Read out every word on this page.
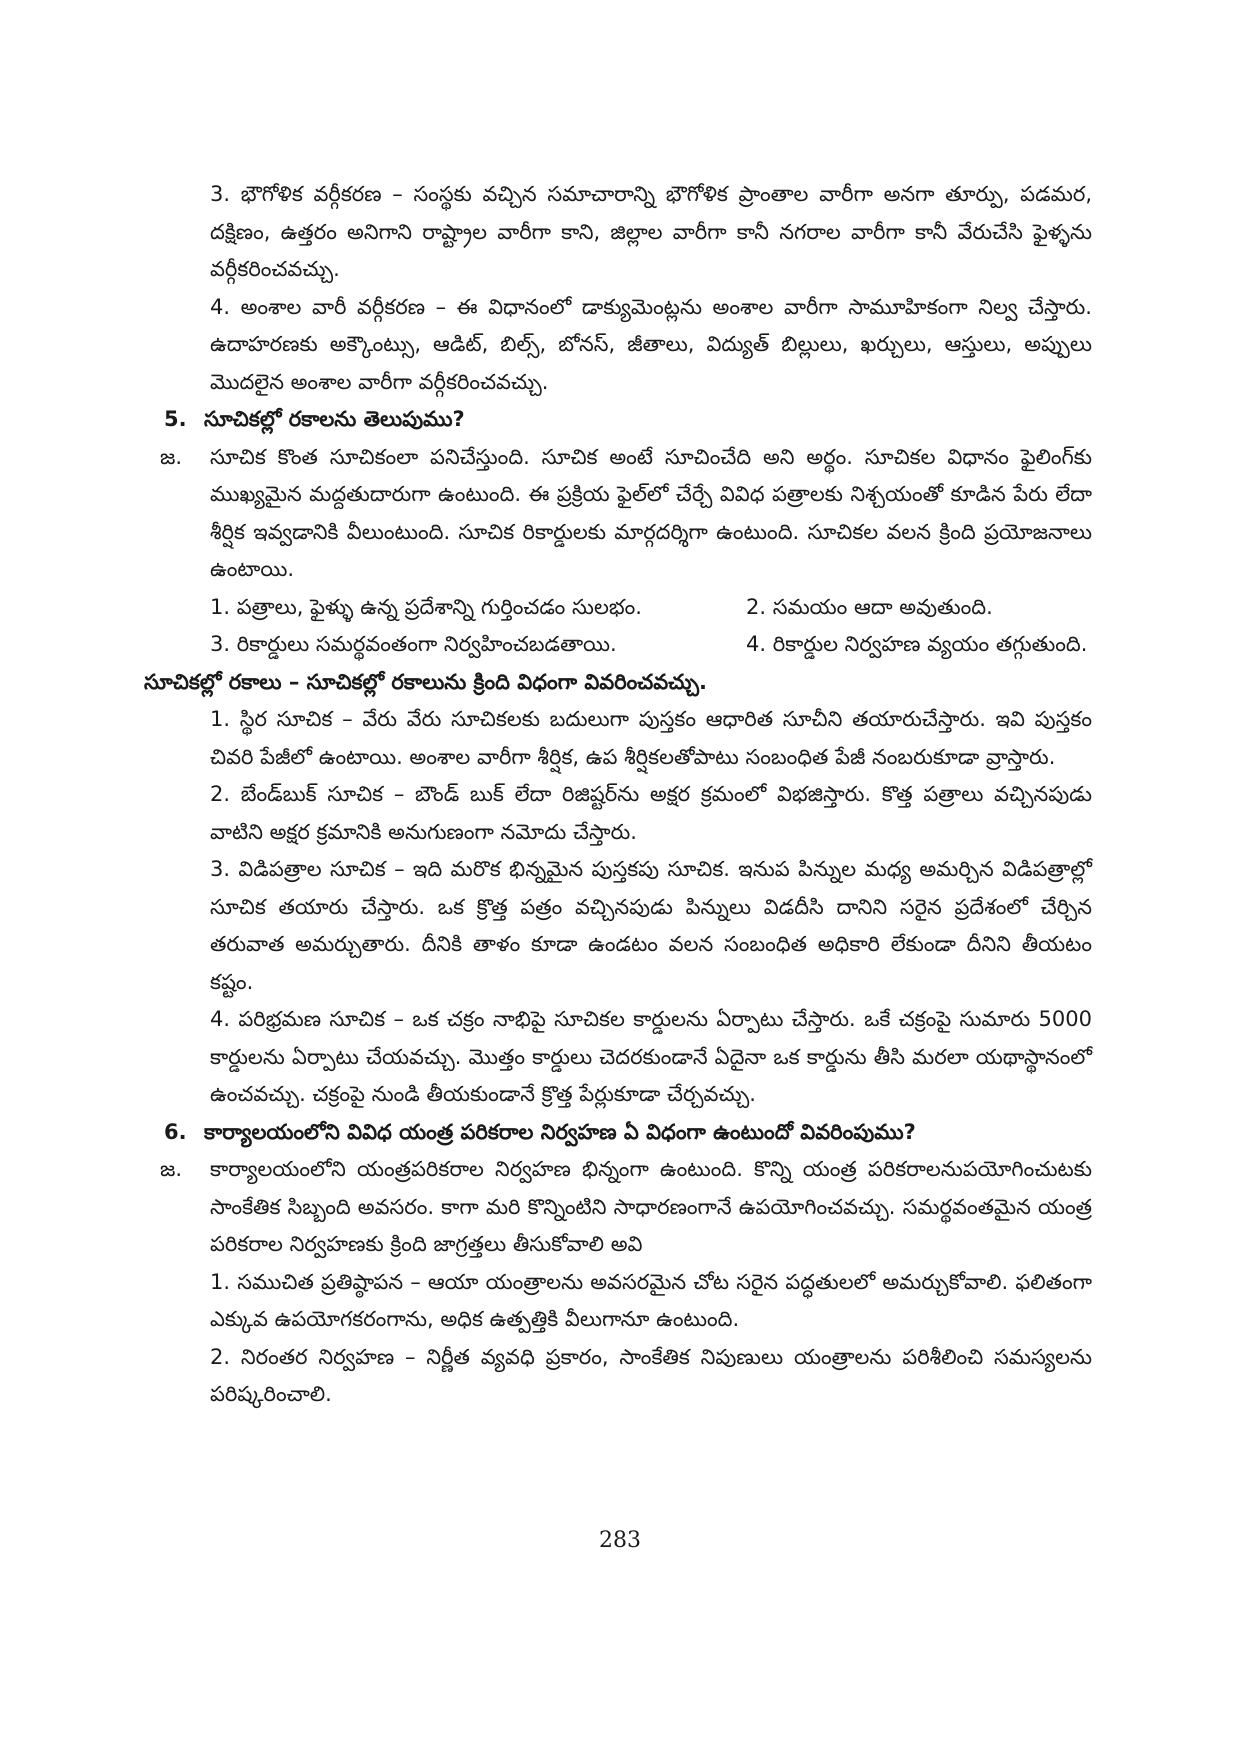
3. భౌగోళిక వర్గీకరణ – సంస్థకు వచ్చిన సమాచారాన్ని భౌగోళిక ప్రాంతాల వారీగా అనగా తూర్పు, పడమర, దక్షిణం, ఉత్తరం అనిగాని రాష్ట్రాల వారీగా కాని, జిల్లాల వారీగా కానీ నగరాల వారీగా కానీ వేరుచేసి ఫైళ్ళను వర్గీకరించవచ్చు.

4. అంశాల వారీ వర్గీకరణ – ఈ విధానంలో డాక్యుమెంట్లను అంశాల వారీగా సామూహికంగా నిల్వ చేస్తారు. ఉదాహరణకు అక్కౌంట్సు, ఆడిట్, బిల్స్, బోనస్, జీతాలు, విద్యుత్ బిల్లులు, ఖర్చులు, ఆస్తులు, అప్పులు మొదలైన అంశాల వారీగా వర్గీకరించవచ్చు.

5. సూచికల్లో రకాలను తెలుపుము?
జ.	సూచిక కొంత సూచికంలా పనిచేస్తుంది. సూచిక అంటే సూచించేది అని అర్థం. సూచికల విధానం ఫైలింగ్‌కు ముఖ్యమైన మద్దతుదారుగా ఉంటుంది. ఈ ప్రక్రియ ఫైల్‌లో చేర్చే వివిధ పత్రాలకు నిశ్చయంతో కూడిన పేరు లేదా శీర్షిక ఇవ్వడానికి వీలుంటుంది. సూచిక రికార్డులకు మార్గదర్శిగా ఉంటుంది. సూచికల వలన క్రింది ప్రయోజనాలు ఉంటాయి.
1. పత్రాలు, ఫైళ్ళు ఉన్న ప్రదేశాన్ని గుర్తించడం సులభం.	2. సమయం ఆదా అవుతుంది.
3. రికార్డులు సమర్థవంతంగా నిర్వహించబడతాయి.	4. రికార్డుల నిర్వహణ వ్యయం తగ్గుతుంది.

సూచికల్లో రకాలు – సూచికల్లో రకాలును క్రింది విధంగా వివరించవచ్చు.

1. స్థిర సూచిక – వేరు వేరు సూచికలకు బదులుగా పుస్తకం ఆధారిత సూచీని తయారుచేస్తారు. ఇవి పుస్తకం చివరి పేజీలో ఉంటాయి. అంశాల వారీగా శీర్షిక, ఉప శీర్షికలతోపాటు సంబంధిత పేజీ నంబరుకూడా వ్రాస్తారు.

2. బేండ్‌బుక్ సూచిక – బౌండ్ బుక్ లేదా రిజిష్టర్‌ను అక్షర క్రమంలో విభజిస్తారు. కొత్త పత్రాలు వచ్చినపుడు వాటిని అక్షర క్రమానికి అనుగుణంగా నమోదు చేస్తారు.

3. విడిపత్రాల సూచిక – ఇది మరొక భిన్నమైన పుస్తకపు సూచిక. ఇనుప పిన్నుల మధ్య అమర్చిన విడిపత్రాల్లో సూచిక తయారు చేస్తారు. ఒక క్రొత్త పత్రం వచ్చినపుడు పిన్నులు విడదీసి దానిని సరైన ప్రదేశంలో చేర్చిన తరువాత అమర్చుతారు. దీనికి తాళం కూడా ఉండటం వలన సంబంధిత అధికారి లేకుండా దీనిని తీయటం కష్టం.

4. పరిభ్రమణ సూచిక – ఒక చక్రం నాభిపై సూచికల కార్డులను ఏర్పాటు చేస్తారు. ఒకే చక్రంపై సుమారు 5000 కార్డులను ఏర్పాటు చేయవచ్చు. మొత్తం కార్డులు చెదరకుండానే ఏదైనా ఒక కార్డును తీసి మరలా యథాస్థానంలో ఉంచవచ్చు. చక్రంపై నుండి తీయకుండానే క్రొత్త పేర్లుకూడా చేర్చవచ్చు.

6. కార్యాలయంలోని వివిధ యంత్ర పరికరాల నిర్వహణ ఏ విధంగా ఉంటుందో వివరింపుము?
జ.	కార్యాలయంలోని యంత్రపరికరాల నిర్వహణ భిన్నంగా ఉంటుంది. కొన్ని యంత్ర పరికరాలనుపయోగించుటకు సాంకేతిక సిబ్బంది అవసరం. కాగా మరి కొన్నింటిని సాధారణంగానే ఉపయోగించవచ్చు. సమర్థవంతమైన యంత్ర పరికరాల నిర్వహణకు క్రింది జాగ్రత్తలు తీసుకోవాలి అవి

1. సముచిత ప్రతిష్ఠాపన – ఆయా యంత్రాలను అవసరమైన చోట సరైన పద్ధతులలో అమర్చుకోవాలి. ఫలితంగా ఎక్కువ ఉపయోగకరంగాను, అధిక ఉత్పత్తికి వీలుగానూ ఉంటుంది.

2. నిరంతర నిర్వహణ – నిర్ణీత వ్యవధి ప్రకారం, సాంకేతిక నిపుణులు యంత్రాలను పరిశీలించి సమస్యలను పరిష్కరించాలి.

283
